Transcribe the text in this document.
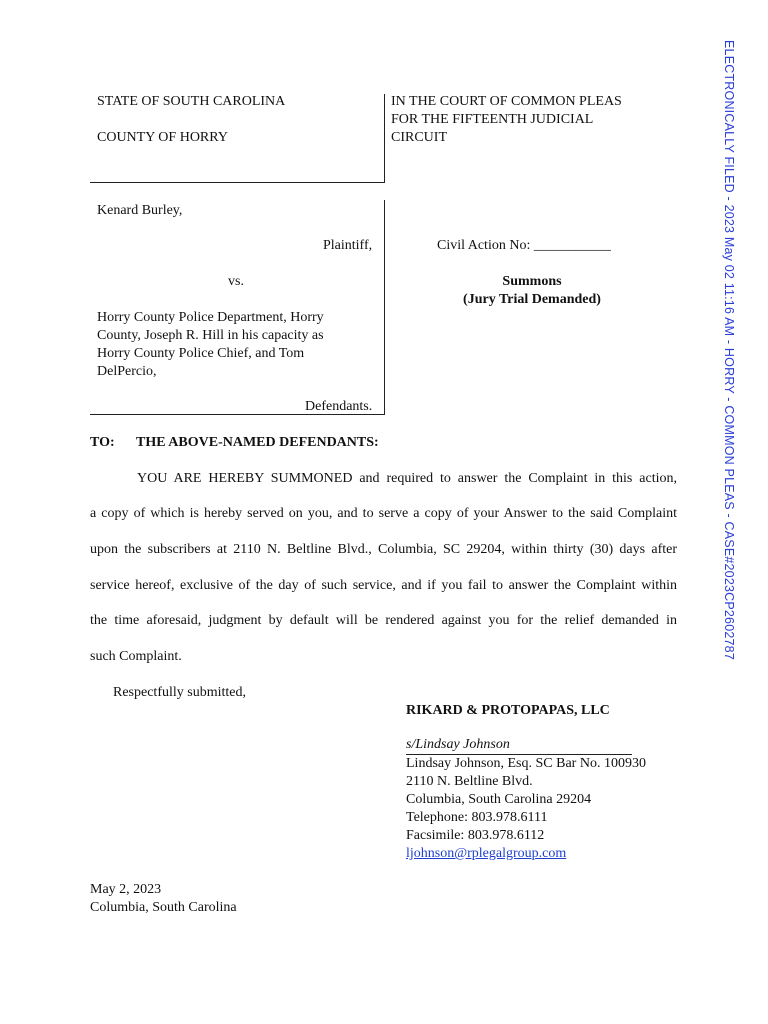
ELECTRONICALLY FILED - 2023 May 02 11:16 AM - HORRY - COMMON PLEAS - CASE#2023CP2602787
STATE OF SOUTH CAROLINA
COUNTY OF HORRY
IN THE COURT OF COMMON PLEAS
FOR THE FIFTEENTH JUDICIAL
CIRCUIT
Kenard Burley,
Plaintiff,
vs.
Horry County Police Department, Horry
County, Joseph R. Hill in his capacity as
Horry County Police Chief, and Tom
DelPercio,
Defendants.
Civil Action No: ___________
Summons
(Jury Trial Demanded)
TO: THE ABOVE-NAMED DEFENDANTS:
YOU ARE HEREBY SUMMONED and required to answer the Complaint in this action,
a copy of which is hereby served on you, and to serve a copy of your Answer to the said Complaint
upon the subscribers at 2110 N. Beltline Blvd., Columbia, SC 29204, within thirty (30) days after
service hereof, exclusive of the day of such service, and if you fail to answer the Complaint within
the time aforesaid, judgment by default will be rendered against you for the relief demanded in
such Complaint.
Respectfully submitted,
RIKARD & PROTOPAPAS, LLC
s/Lindsay Johnson
Lindsay Johnson, Esq. SC Bar No. 100930
2110 N. Beltline Blvd.
Columbia, South Carolina 29204
Telephone: 803.978.6111
Facsimile: 803.978.6112
ljohnson@rplegalgroup.com
May 2, 2023
Columbia, South Carolina
